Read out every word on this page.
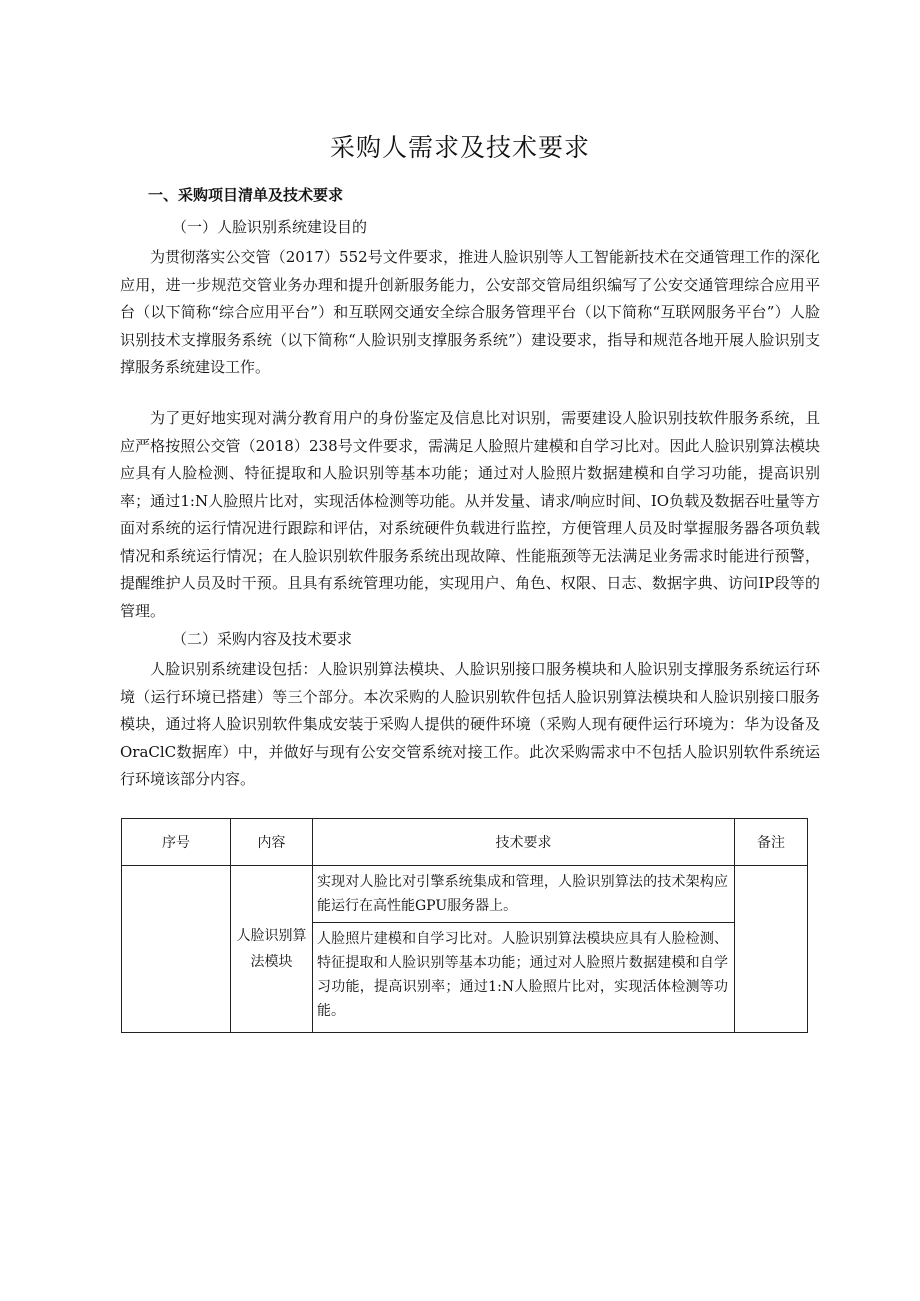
采购人需求及技术要求
一、采购项目清单及技术要求
（一）人脸识别系统建设目的

为贯彻落实公交管（2017）552号文件要求，推进人脸识别等人工智能新技术在交通管理工作的深化应用，进一步规范交管业务办理和提升创新服务能力，公安部交管局组织编写了公安交通管理综合应用平台（以下简称“综合应用平台”）和互联网交通安全综合服务管理平台（以下简称“互联网服务平台”）人脸识别技术支撑服务系统（以下简称“人脸识别支撑服务系统”）建设要求，指导和规范各地开展人脸识别支撑服务系统建设工作。

为了更好地实现对满分教育用户的身份鉴定及信息比对识别，需要建设人脸识别技软件服务系统，且应严格按照公交管（2018）238号文件要求，需满足人脸照片建模和自学习比对。因此人脸识别算法模块应具有人脸检测、特征提取和人脸识别等基本功能；通过对人脸照片数据建模和自学习功能，提高识别率；通过1:N人脸照片比对，实现活体检测等功能。从并发量、请求/响应时间、IO负载及数据吞吐量等方面对系统的运行情况进行跟踪和评估，对系统硬件负载进行监控，方便管理人员及时掌握服务器各项负载情况和系统运行情况；在人脸识别软件服务系统出现故障、性能瓶颈等无法满足业务需求时能进行预警，提醒维护人员及时干预。且具有系统管理功能，实现用户、角色、权限、日志、数据字典、访问IP段等的管理。

（二）采购内容及技术要求

人脸识别系统建设包括：人脸识别算法模块、人脸识别接口服务模块和人脸识别支撑服务系统运行环境（运行环境已搭建）等三个部分。本次采购的人脸识别软件包括人脸识别算法模块和人脸识别接口服务模块，通过将人脸识别软件集成安装于采购人提供的硬件环境（采购人现有硬件运行环境为：华为设备及OraClC数据库）中，并做好与现有公安交管系统对接工作。此次采购需求中不包括人脸识别软件系统运行环境该部分内容。

序号	内容	技术要求	备注
	人脸识别算法模块	实现对人脸比对引擎系统集成和管理，人脸识别算法的技术架构应能运行在高性能GPU服务器上。
人脸照片建模和自学习比对。人脸识别算法模块应具有人脸检测、特征提取和人脸识别等基本功能；通过对人脸照片数据建模和自学习功能，提高识别率；通过1:N人脸照片比对，实现活体检测等功能。	
